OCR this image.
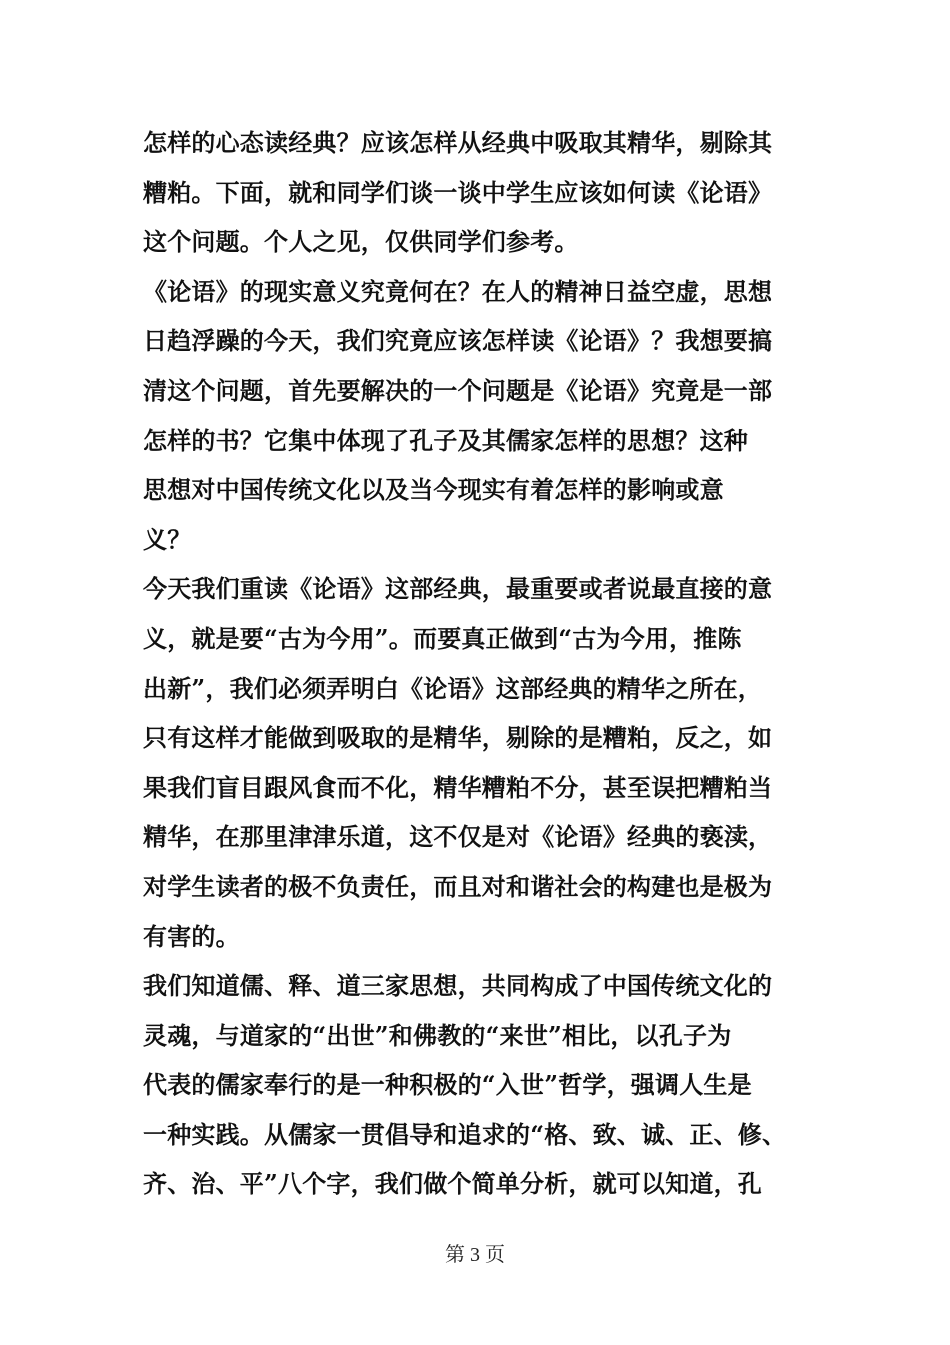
怎样的心态读经典？应该怎样从经典中吸取其精华，剔除其
糟粕。下面，就和同学们谈一谈中学生应该如何读《论语》
这个问题。个人之见，仅供同学们参考。
《论语》的现实意义究竟何在？在人的精神日益空虚，思想
日趋浮躁的今天，我们究竟应该怎样读《论语》？我想要搞
清这个问题，首先要解决的一个问题是《论语》究竟是一部
怎样的书？它集中体现了孔子及其儒家怎样的思想？这种
思想对中国传统文化以及当今现实有着怎样的影响或意
义？
今天我们重读《论语》这部经典，最重要或者说最直接的意
义，就是要“古为今用”。而要真正做到“古为今用，推陈
出新”，我们必须弄明白《论语》这部经典的精华之所在，
只有这样才能做到吸取的是精华，剔除的是糟粕，反之，如
果我们盲目跟风食而不化，精华糟粕不分，甚至误把糟粕当
精华，在那里津津乐道，这不仅是对《论语》经典的亵渎，
对学生读者的极不负责任，而且对和谐社会的构建也是极为
有害的。
我们知道儒、释、道三家思想，共同构成了中国传统文化的
灵魂，与道家的“出世”和佛教的“来世”相比，以孔子为
代表的儒家奉行的是一种积极的“入世”哲学，强调人生是
一种实践。从儒家一贯倡导和追求的“格、致、诚、正、修、
齐、治、平”八个字，我们做个简单分析，就可以知道，孔
第 3 页
